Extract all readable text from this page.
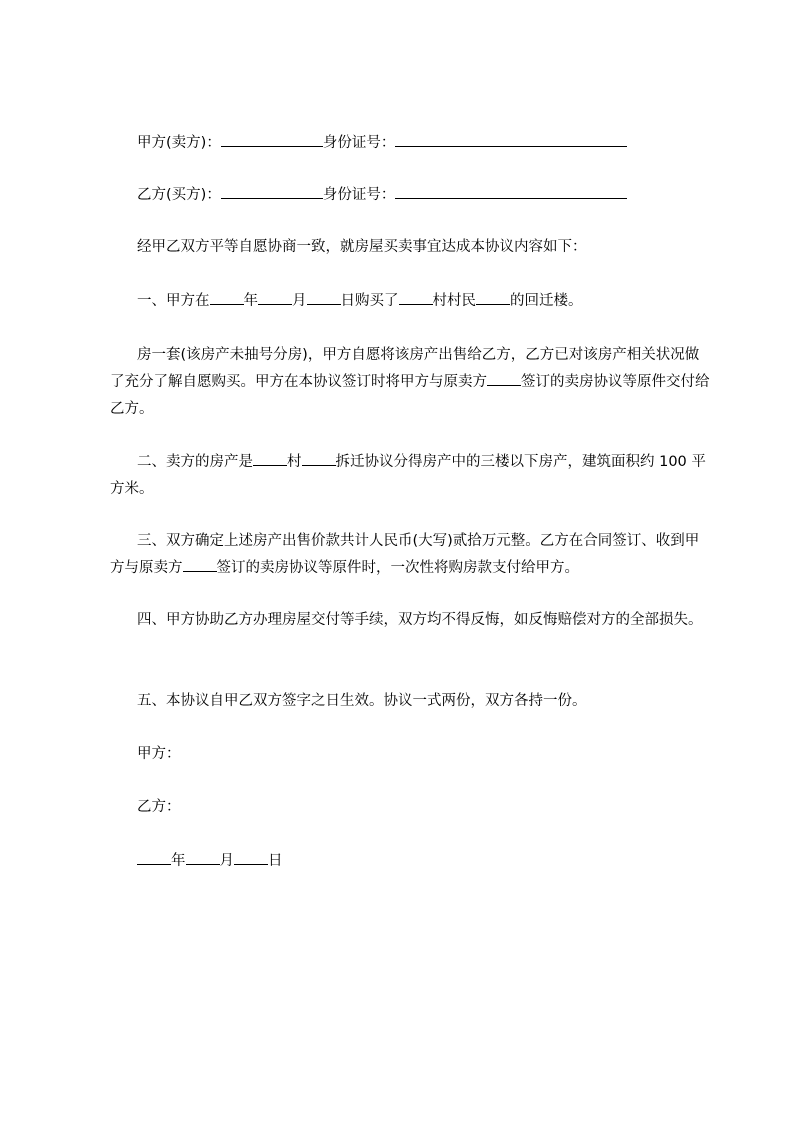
甲方(卖方)：	身份证号：
乙方(买方)：	身份证号：
经甲乙双方平等自愿协商一致，就房屋买卖事宜达成本协议内容如下：
一、甲方在 年 月 日购买了 村村民 的回迁楼。
房一套(该房产未抽号分房)，甲方自愿将该房产出售给乙方，乙方已对该房产相关状况做了充分了解自愿购买。甲方在本协议签订时将甲方与原卖方 签订的卖房协议等原件交付给乙方。
二、卖方的房产是 村 拆迁协议分得房产中的三楼以下房产，建筑面积约 100 平方米。
三、双方确定上述房产出售价款共计人民币(大写)贰拾万元整。乙方在合同签订、收到甲方与原卖方 签订的卖房协议等原件时，一次性将购房款支付给甲方。
四、甲方协助乙方办理房屋交付等手续，双方均不得反悔，如反悔赔偿对方的全部损失。
五、本协议自甲乙双方签字之日生效。协议一式两份，双方各持一份。
甲方：
乙方：
年 月 日
